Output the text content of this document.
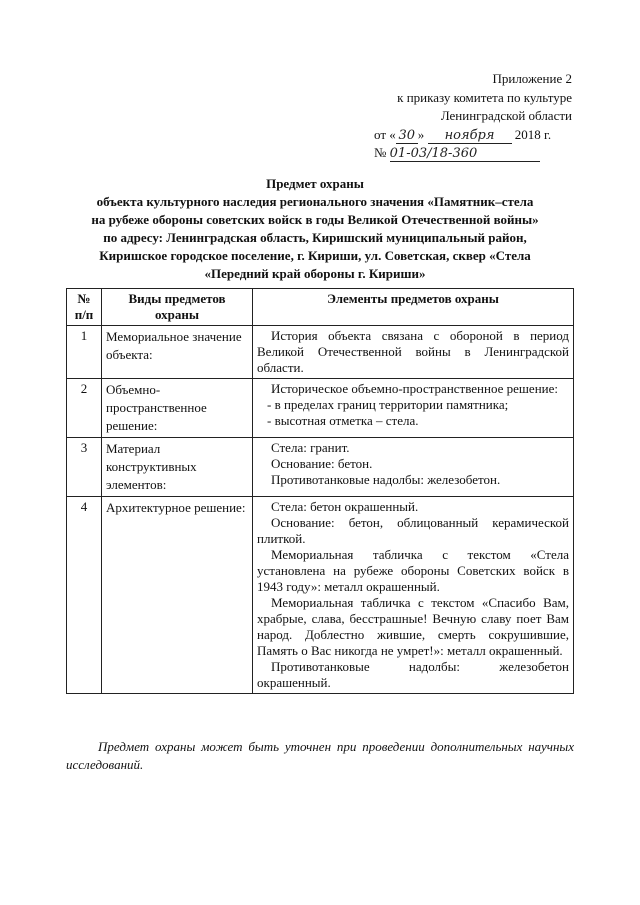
Приложение 2
к приказу комитета по культуре
Ленинградской области
от « 30 » ноября 2018 г.
№ 01-03/18-360
Предмет охраны
объекта культурного наследия регионального значения «Памятник–стела
на рубеже обороны советских войск в годы Великой Отечественной войны»
по адресу: Ленинградская область, Киришский муниципальный район,
Киришское городское поселение, г. Кириши, ул. Советская, сквер «Стела
«Передний край обороны г. Кириши»
№
п/п	Виды предметов охраны	Элементы предметов охраны
1	Мемориальное значение объекта:	История объекта связана с обороной в период Великой Отечественной войны в Ленинградской области.

2	Объемно-пространственное решение:	Историческое объемно-пространственное решение:

- в пределах границ территории памятника;

- высотная отметка – стела.

3	Материал конструктивных элементов:	Стела: гранит.

Основание: бетон.

Противотанковые надолбы: железобетон.

4	Архитектурное решение:	Стела: бетон окрашенный.

Основание: бетон, облицованный керамической плиткой.

Мемориальная табличка с текстом «Стела установлена на рубеже обороны Советских войск в 1943 году»: металл окрашенный.

Мемориальная табличка с текстом «Спасибо Вам, храбрые, слава, бесстрашные! Вечную славу поет Вам народ. Доблестно жившие, смерть сокрушившие, Память о Вас никогда не умрет!»: металл окрашенный.

Противотанковые надолбы: железобетон окрашенный.

Предмет охраны может быть уточнен при проведении дополнительных научных исследований.
